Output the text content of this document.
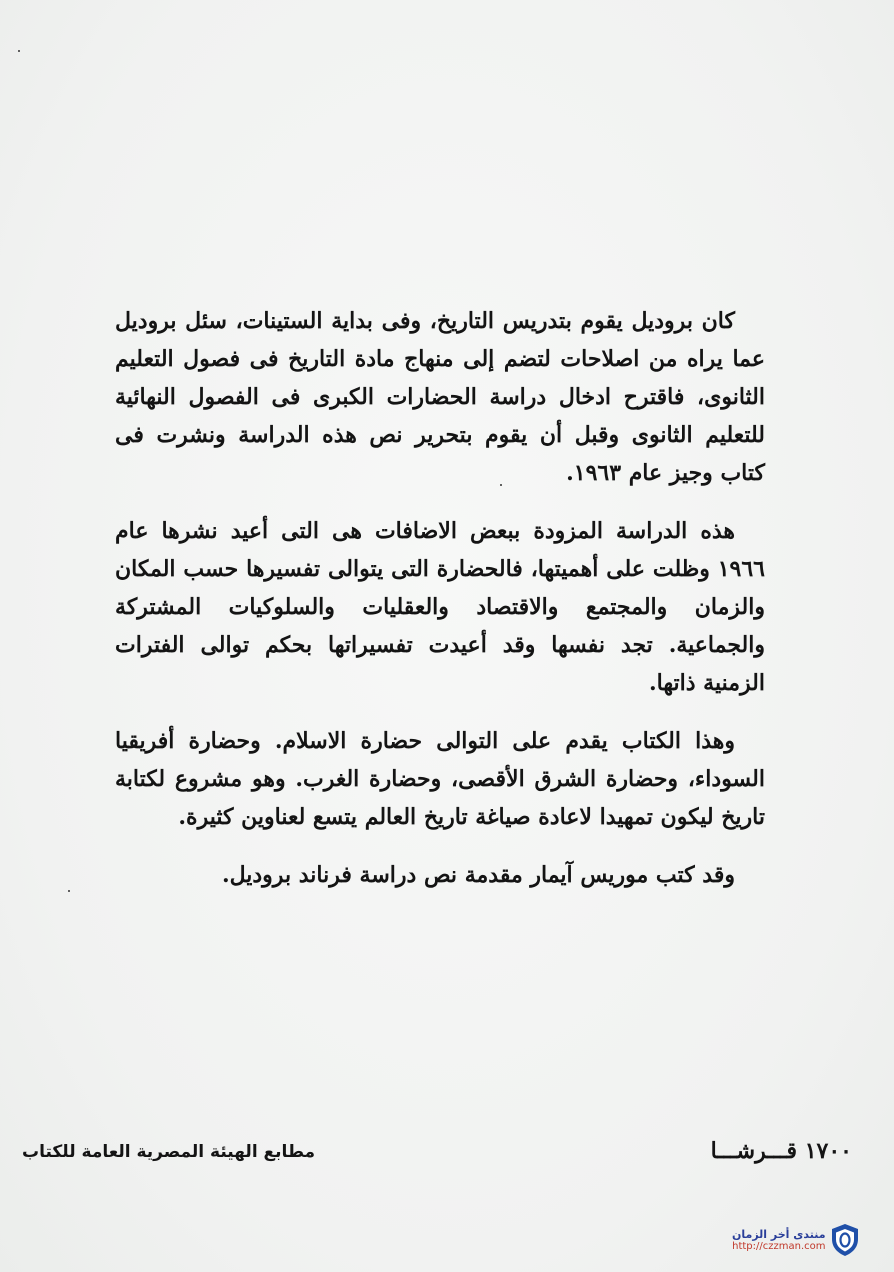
كان بروديل يقوم بتدريس التاريخ، وفى بداية الستينات، سئل بروديل عما يراه من اصلاحات لتضم إلى منهاج مادة التاريخ فى فصول التعليم الثانوى، فاقترح ادخال دراسة الحضارات الكبرى فى الفصول النهائية للتعليم الثانوى وقبل أن يقوم بتحرير نص هذه الدراسة ونشرت فى كتاب وجيز عام ١٩٦٣.

هذه الدراسة المزودة ببعض الاضافات هى التى أعيد نشرها عام ١٩٦٦ وظلت على أهميتها، فالحضارة التى يتوالى تفسيرها حسب المكان والزمان والمجتمع والاقتصاد والعقليات والسلوكيات المشتركة والجماعية. تجد نفسها وقد أعيدت تفسيراتها بحكم توالى الفترات الزمنية ذاتها.

وهذا الكتاب يقدم على التوالى حضارة الاسلام. وحضارة أفريقيا السوداء، وحضارة الشرق الأقصى، وحضارة الغرب. وهو مشروع لكتابة تاريخ ليكون تمهيدا لاعادة صياغة تاريخ العالم يتسع لعناوين كثيرة.

وقد كتب موريس آيمار مقدمة نص دراسة فرناند بروديل.

مطابع الهيئة المصرية العامة للكتاب	١٧٠٠ قـــرشـــا
منتدى أخر الزمان
http://czzman.com
